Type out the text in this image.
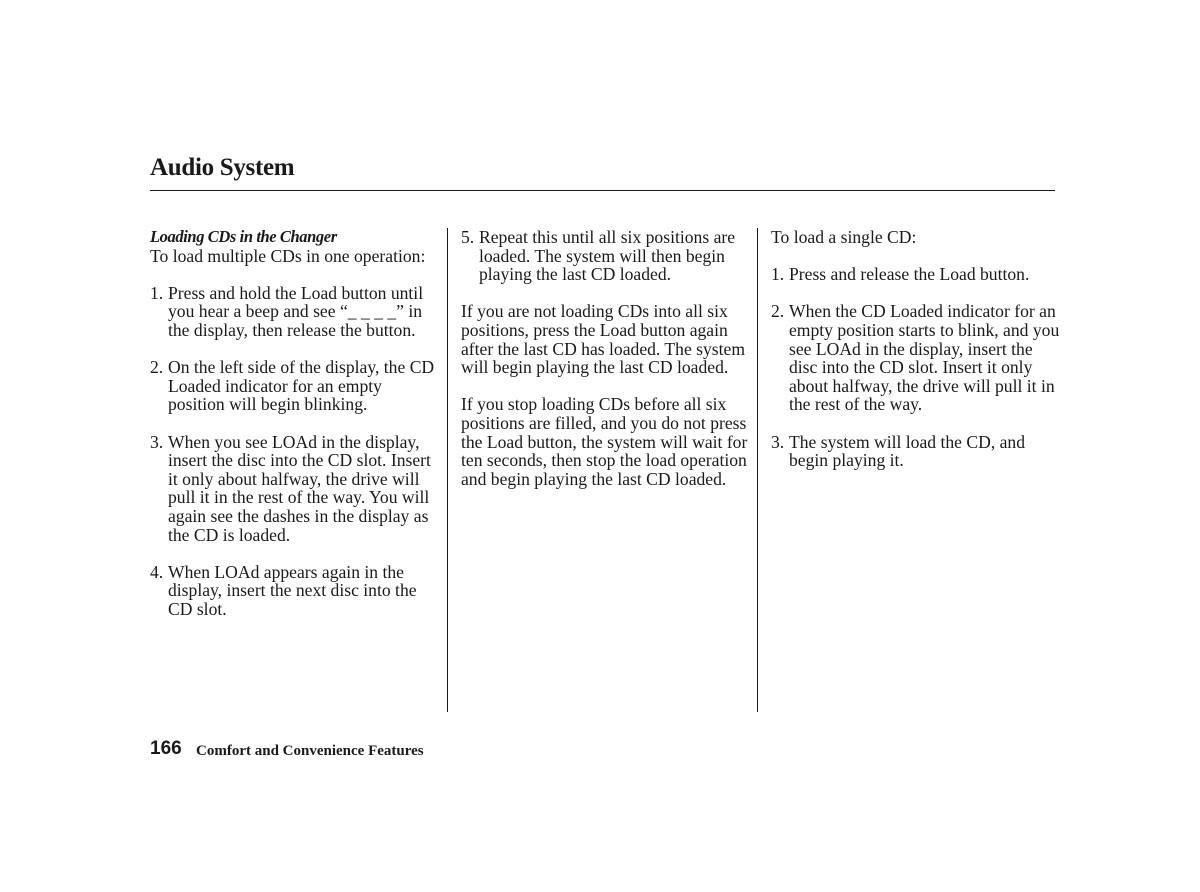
Audio System
Loading CDs in the Changer

To load multiple CDs in one operation:

1. Press and hold the Load button until you hear a beep and see “_ _ _ _” in the display, then release the button.
2. On the left side of the display, the CD Loaded indicator for an empty position will begin blinking.
3. When you see LOAd in the display, insert the disc into the CD slot. Insert it only about halfway, the drive will pull it in the rest of the way. You will again see the dashes in the display as the CD is loaded.
4. When LOAd appears again in the display, insert the next disc into the CD slot.
5. Repeat this until all six positions are loaded. The system will then begin playing the last CD loaded.

If you are not loading CDs into all six positions, press the Load button again after the last CD has loaded. The system will begin playing the last CD loaded.

If you stop loading CDs before all six positions are filled, and you do not press the Load button, the system will wait for ten seconds, then stop the load operation and begin playing the last CD loaded.

To load a single CD:

1. Press and release the Load button.
2. When the CD Loaded indicator for an empty position starts to blink, and you see LOAd in the display, insert the disc into the CD slot. Insert it only about halfway, the drive will pull it in the rest of the way.
3. The system will load the CD, and begin playing it.
166 Comfort and Convenience Features
